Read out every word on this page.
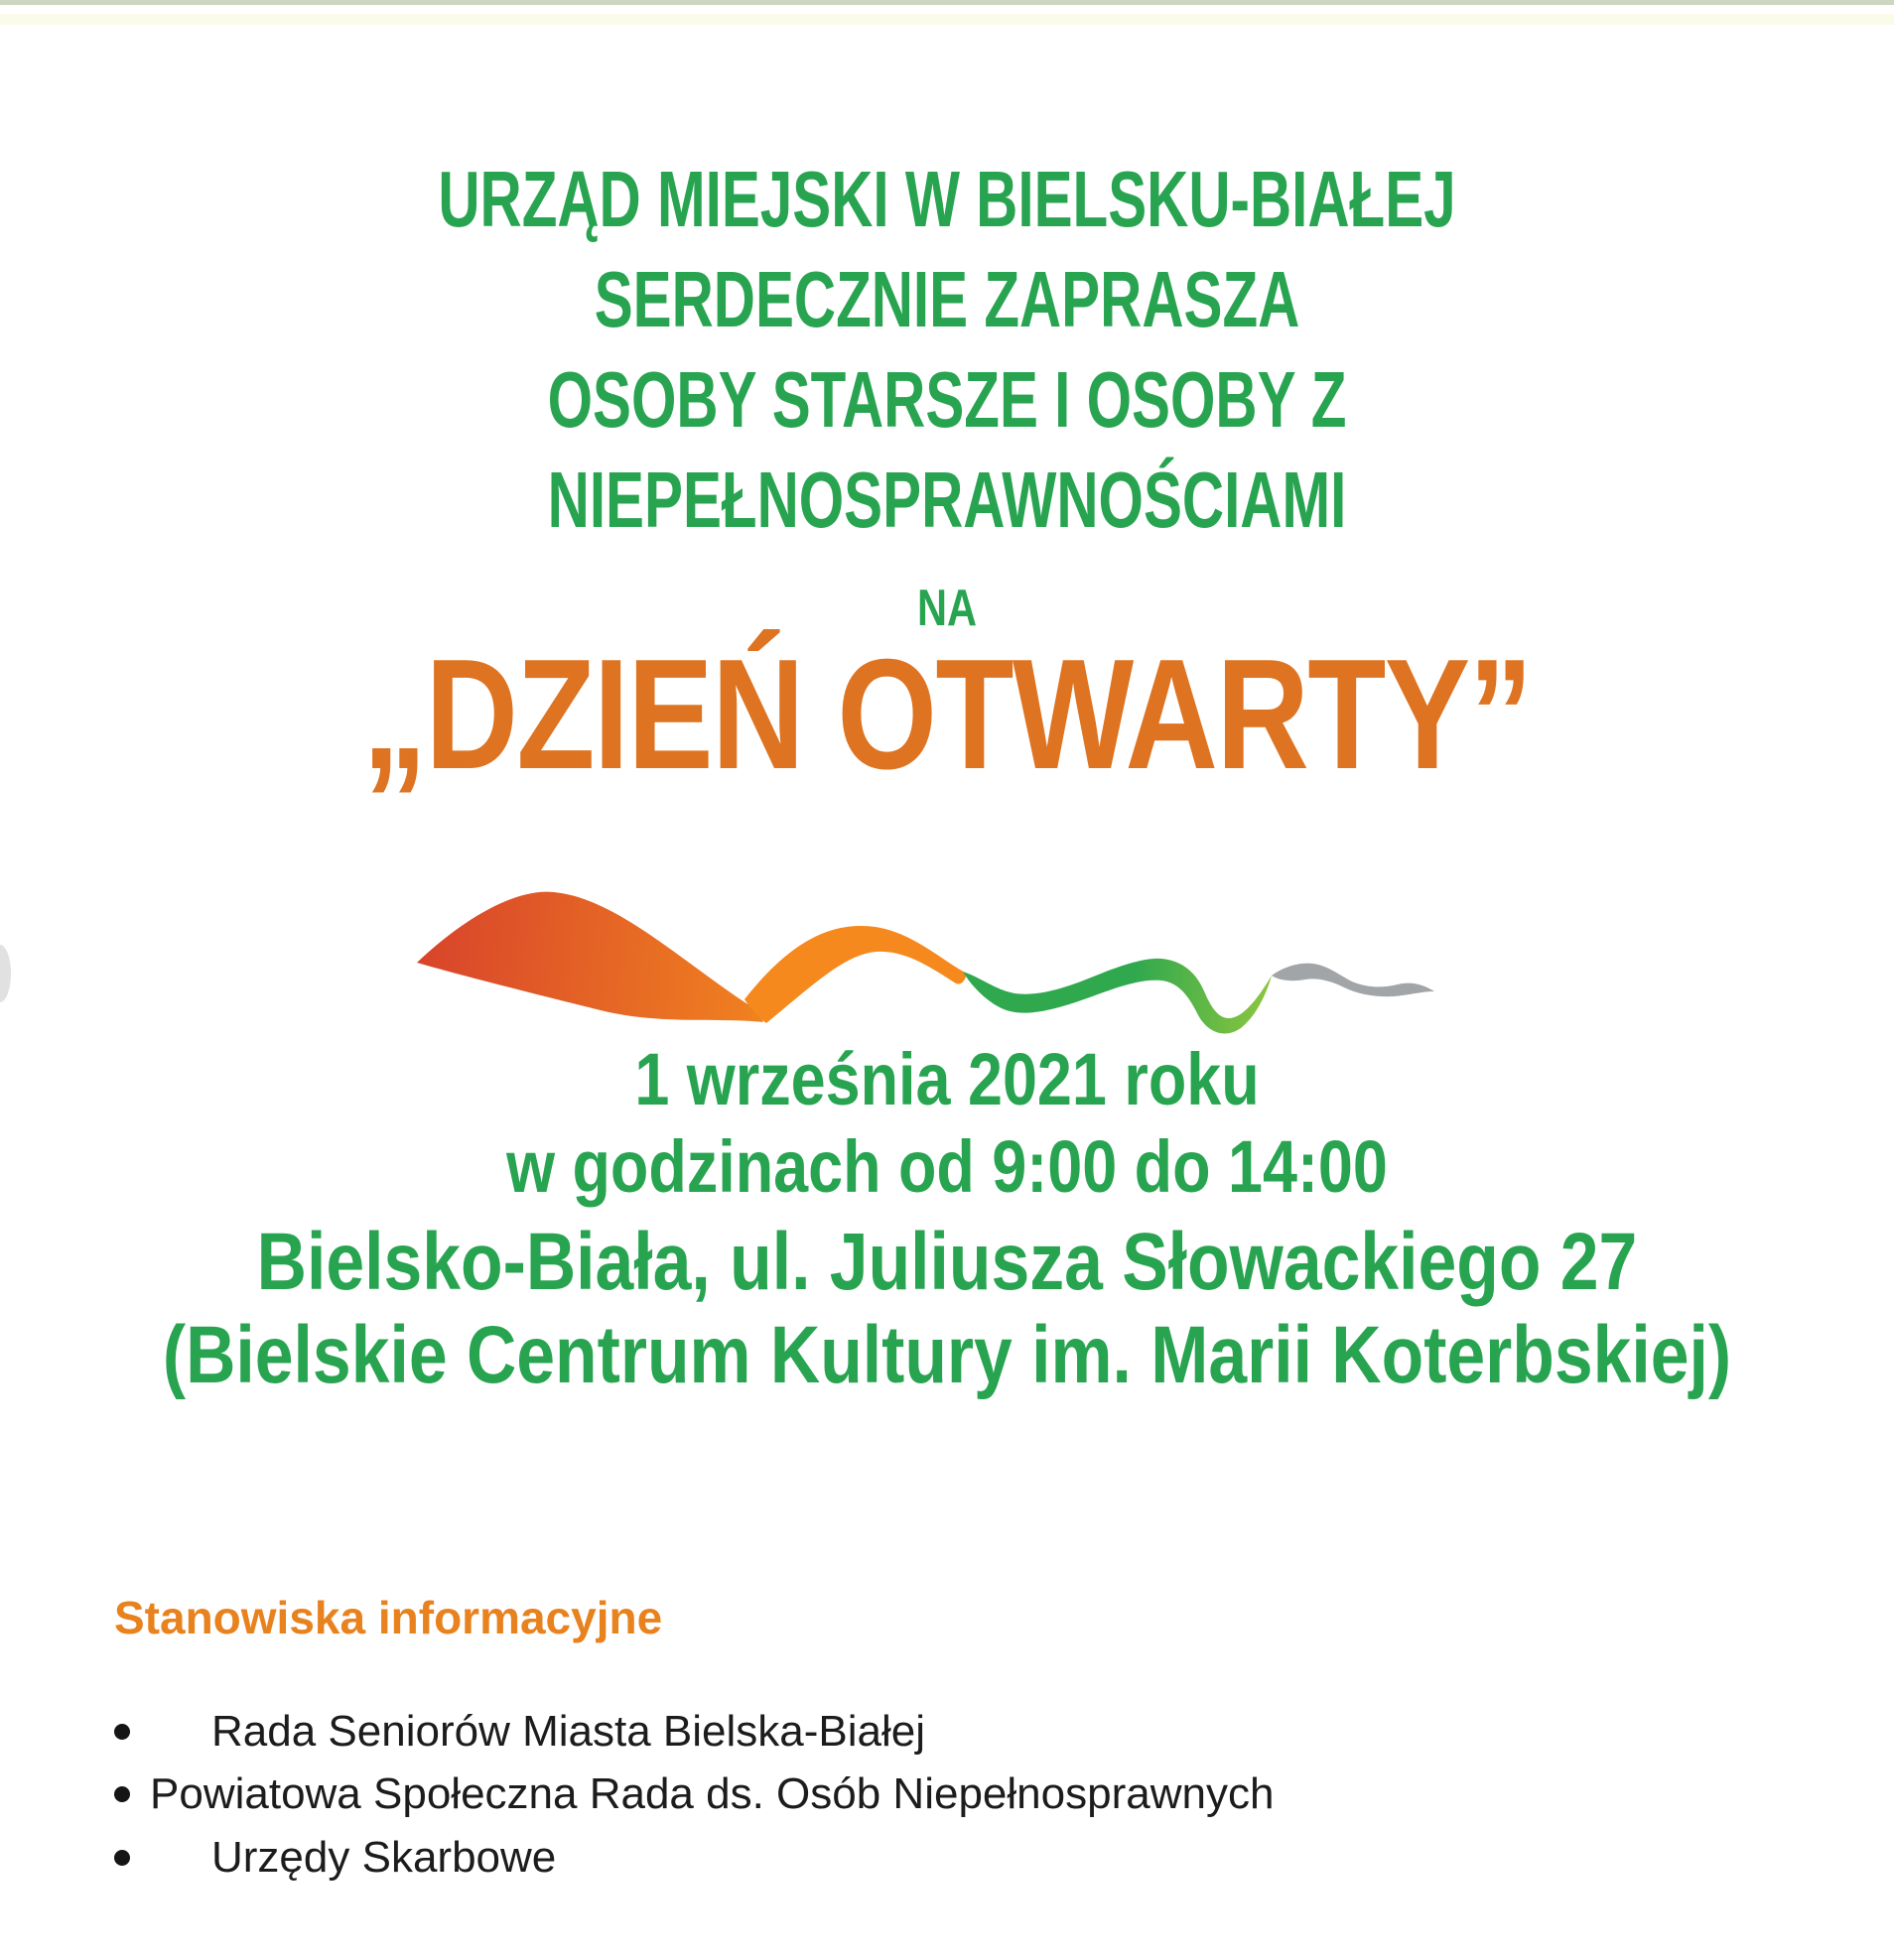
URZĄD MIEJSKI W BIELSKU-BIAŁEJ
SERDECZNIE ZAPRASZA
OSOBY STARSZE I OSOBY Z
NIEPEŁNOSPRAWNOŚCIAMI
NA
„DZIEŃ OTWARTY”
1 września 2021 roku
w godzinach od 9:00 do 14:00
Bielsko-Biała, ul. Juliusza Słowackiego 27
(Bielskie Centrum Kultury im. Marii Koterbskiej)
Stanowiska informacyjne
Rada Seniorów Miasta Bielska-Białej
Powiatowa Społeczna Rada ds. Osób Niepełnosprawnych
Urzędy Skarbowe
